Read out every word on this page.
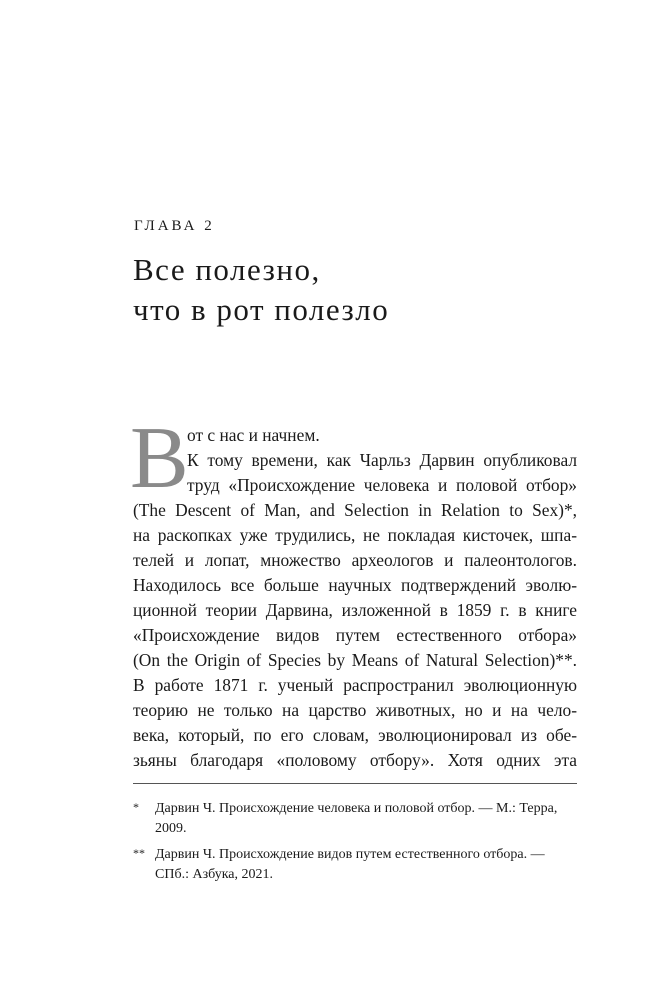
ГЛАВА 2
Все полезно,
что в рот полезло
В
от с нас и начнем.
К тому времени, как Чарльз Дарвин опубликовал
труд «Происхождение человека и половой отбор»
(The Descent of Man, and Selection in Relation to Sex)*,
на раскопках уже трудились, не покладая кисточек, шпа-
телей и лопат, множество археологов и палеонтологов.
Находилось все больше научных подтверждений эволю-
ционной теории Дарвина, изложенной в 1859 г. в книге
«Происхождение видов путем естественного отбора»
(On the Origin of Species by Means of Natural Selection)**.
В работе 1871 г. ученый распространил эволюционную
теорию не только на царство животных, но и на чело-
века, который, по его словам, эволюционировал из обе-
зьяны благодаря «половому отбору». Хотя одних эта
* Дарвин Ч. Происхождение человека и половой отбор. — М.: Терра, 2009.
** Дарвин Ч. Происхождение видов путем естественного отбора. — СПб.: Азбука, 2021.
